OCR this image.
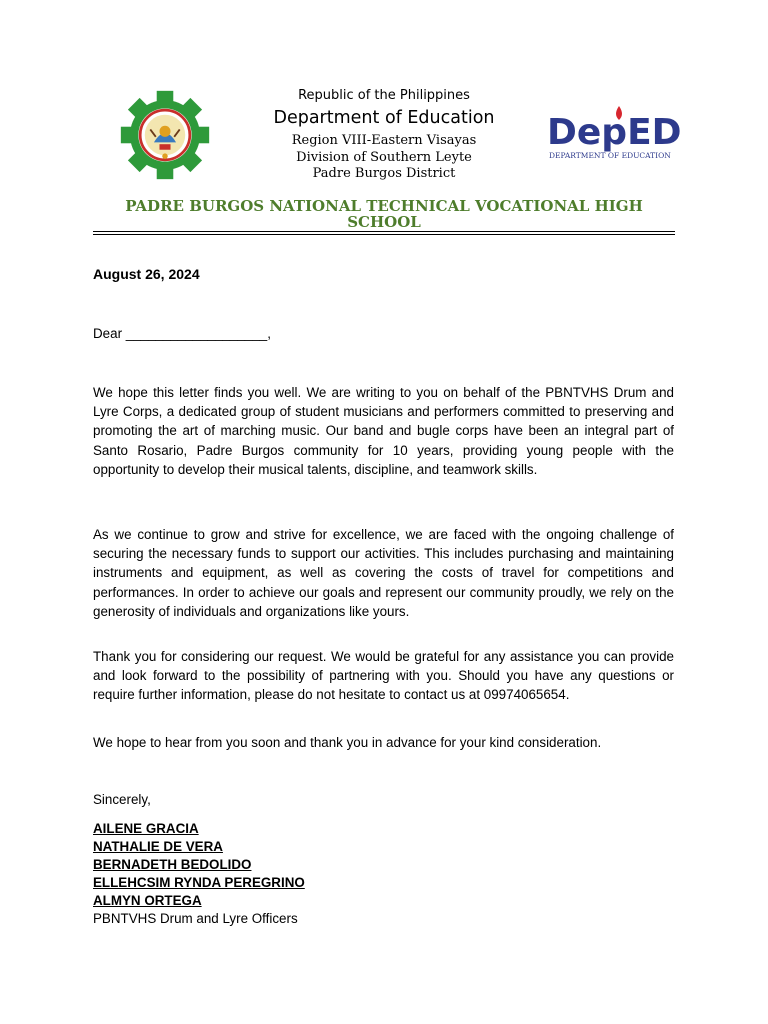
Republic of the Philippines
Department of Education
Region VIII-Eastern Visayas
Division of Southern Leyte
Padre Burgos District
DepED
DEPARTMENT OF EDUCATION
PADRE BURGOS NATIONAL TECHNICAL VOCATIONAL HIGH SCHOOL
August 26, 2024
Dear ___________________,
We hope this letter finds you well. We are writing to you on behalf of the PBNTVHS Drum and Lyre Corps, a dedicated group of student musicians and performers committed to preserving and promoting the art of marching music. Our band and bugle corps have been an integral part of Santo Rosario, Padre Burgos community for 10 years, providing young people with the opportunity to develop their musical talents, discipline, and teamwork skills.
As we continue to grow and strive for excellence, we are faced with the ongoing challenge of securing the necessary funds to support our activities. This includes purchasing and maintaining instruments and equipment, as well as covering the costs of travel for competitions and performances. In order to achieve our goals and represent our community proudly, we rely on the generosity of individuals and organizations like yours.
Thank you for considering our request. We would be grateful for any assistance you can provide and look forward to the possibility of partnering with you. Should you have any questions or require further information, please do not hesitate to contact us at 09974065654.
We hope to hear from you soon and thank you in advance for your kind consideration.
Sincerely,
AILENE GRACIA
NATHALIE DE VERA
BERNADETH BEDOLIDO
ELLEHCSIM RYNDA PEREGRINO
ALMYN ORTEGA
PBNTVHS Drum and Lyre Officers
